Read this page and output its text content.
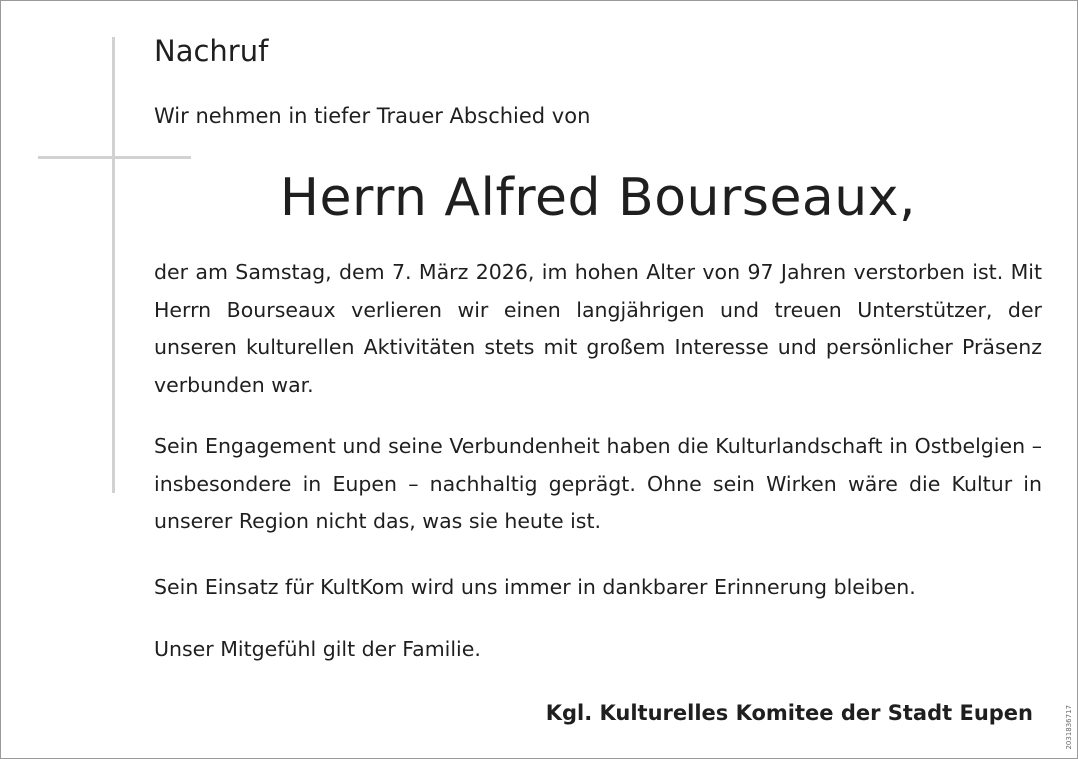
Nachruf

Wir nehmen in tiefer Trauer Abschied von

Herrn Alfred Bourseaux,

der am Samstag, dem 7. März 2026, im hohen Alter von 97 Jahren verstorben ist. Mit Herrn Bourseaux verlieren wir einen langjährigen und treuen Unterstützer, der unseren kulturellen Aktivitäten stets mit großem Interesse und persönlicher Präsenz verbunden war.

Sein Engagement und seine Verbundenheit haben die Kulturlandschaft in Ostbelgien – insbesondere in Eupen – nachhaltig geprägt. Ohne sein Wirken wäre die Kultur in unserer Region nicht das, was sie heute ist.

Sein Einsatz für KultKom wird uns immer in dankbarer Erinnerung bleiben.

Unser Mitgefühl gilt der Familie.

Kgl. Kulturelles Komitee der Stadt Eupen	2031836717
